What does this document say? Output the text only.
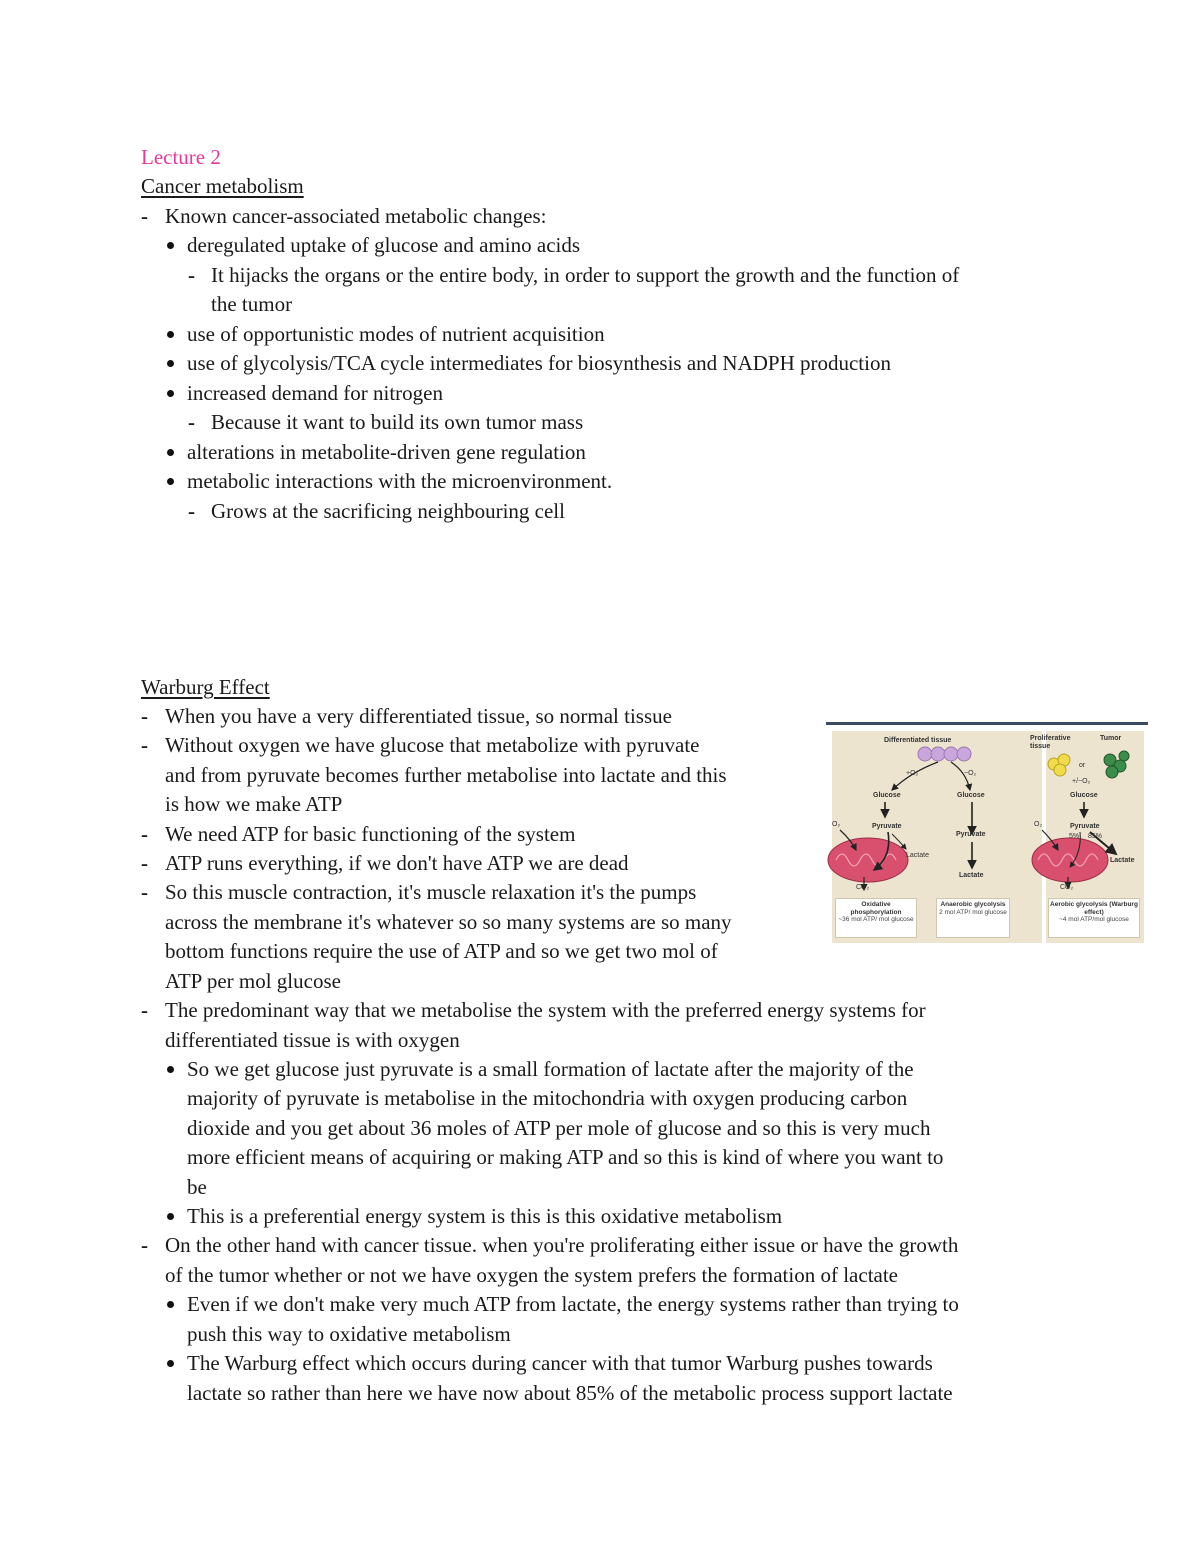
Lecture 2
Cancer metabolism
-
Known cancer-associated metabolic changes:
deregulated uptake of glucose and amino acids
-
It hijacks the organs or the entire body, in order to support the growth and the function of
the tumor
use of opportunistic modes of nutrient acquisition
use of glycolysis/TCA cycle intermediates for biosynthesis and NADPH production
increased demand for nitrogen
-
Because it want to build its own tumor mass
alterations in metabolite-driven gene regulation
metabolic interactions with the microenvironment.
-
Grows at the sacrificing neighbouring cell
Warburg Effect
-
When you have a very differentiated tissue, so normal tissue
-
Without oxygen we have glucose that metabolize with pyruvate
and from pyruvate becomes further metabolise into lactate and this
is how we make ATP
-
We need ATP for basic functioning of the system
-
ATP runs everything, if we don't have ATP we are dead
-
So this muscle contraction, it's muscle relaxation it's the pumps
across the membrane it's whatever so so many systems are so many
bottom functions require the use of ATP and so we get two mol of
ATP per mol glucose
-
The predominant way that we metabolise the system with the preferred energy systems for
differentiated tissue is with oxygen
So we get glucose just pyruvate is a small formation of lactate after the majority of the
majority of pyruvate is metabolise in the mitochondria with oxygen producing carbon
dioxide and you get about 36 moles of ATP per mole of glucose and so this is very much
more efficient means of acquiring or making ATP and so this is kind of where you want to
be
This is a preferential energy system is this is this oxidative metabolism
-
On the other hand with cancer tissue. when you're proliferating either issue or have the growth
of the tumor whether or not we have oxygen the system prefers the formation of lactate
Even if we don't make very much ATP from lactate, the energy systems rather than trying to
push this way to oxidative metabolism
The Warburg effect which occurs during cancer with that tumor Warburg pushes towards
lactate so rather than here we have now about 85% of the metabolic process support lactate
Differentiated tissue
+O₂	−O₂
Glucose	Glucose
O₂	Pyruvate
Pyruvate
Lactate
Lactate
CO₂
Oxidative phosphorylation
~36 mol ATP/ mol glucose
Anaerobic glycolysis
2 mol ATP/ mol glucose
Proliferative tissue
Tumor
or
+/−O₂
Glucose
O₂	Pyruvate
5% 85%
Lactate
CO₂
Aerobic glycolysis (Warburg effect)
~4 mol ATP/mol glucose
